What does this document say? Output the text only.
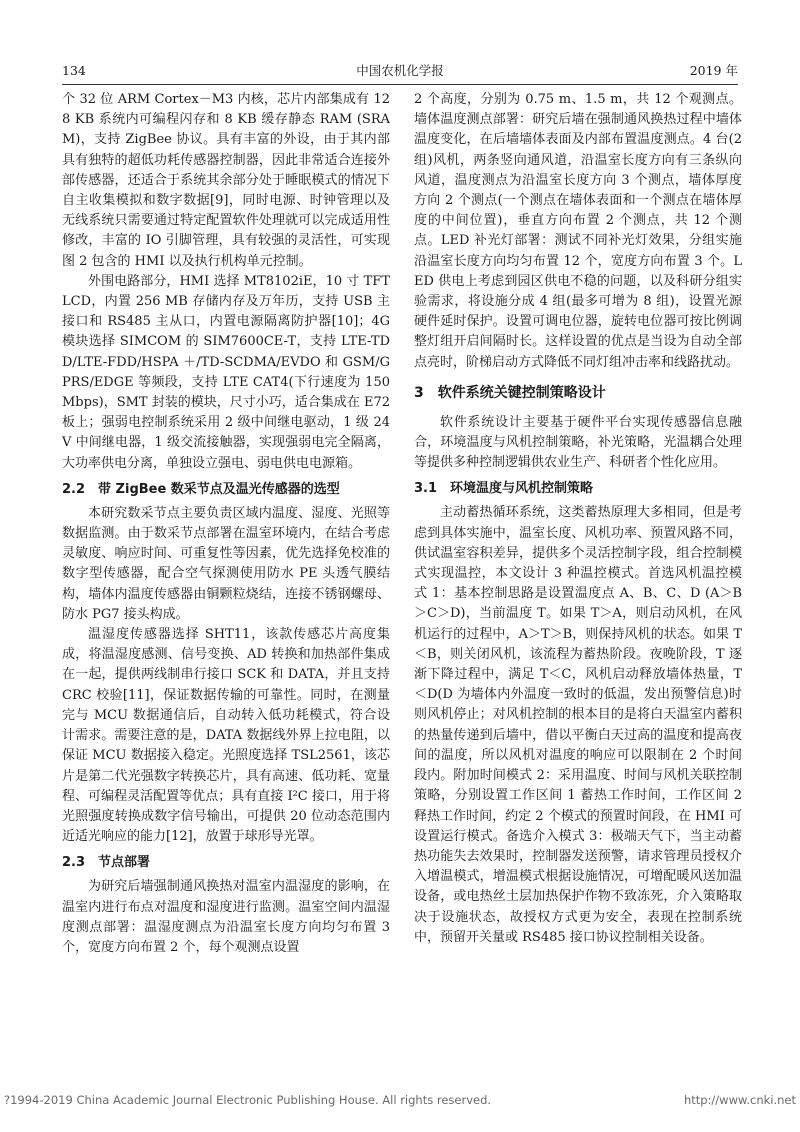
134	中国农机化学报	2019 年

个 32 位 ARM Cortex－M3 内核，芯片内部集成有 128 KB 系统内可编程闪存和 8 KB 缓存静态 RAM (SRAM)，支持 ZigBee 协议。具有丰富的外设，由于其内部具有独特的超低功耗传感器控制器，因此非常适合连接外部传感器，还适合于系统其余部分处于睡眠模式的情况下自主收集模拟和数字数据[9]，同时电源、时钟管理以及无线系统只需要通过特定配置软件处理就可以完成适用性修改，丰富的 IO 引脚管理，具有较强的灵活性，可实现图 2 包含的 HMI 以及执行机构单元控制。

外围电路部分，HMI 选择 MT8102iE，10 寸 TFT LCD，内置 256 MB 存储内存及万年历，支持 USB 主接口和 RS485 主从口，内置电源隔离防护器[10]；4G 模块选择 SIMCOM 的 SIM7600CE-T，支持 LTE-TDD/LTE-FDD/HSPA ＋/TD-SCDMA/EVDO 和 GSM/GPRS/EDGE 等频段，支持 LTE CAT4(下行速度为 150 Mbps)，SMT 封装的模块，尺寸小巧，适合集成在 E72 板上；强弱电控制系统采用 2 级中间继电驱动，1 级 24 V 中间继电器，1 级交流接触器，实现强弱电完全隔离，大功率供电分离，单独设立强电、弱电供电电源箱。

2.2　带 ZigBee 数采节点及温光传感器的选型

本研究数采节点主要负责区域内温度、湿度、光照等数据监测。由于数采节点部署在温室环境内，在结合考虑灵敏度、响应时间、可重复性等因素，优先选择免校准的数字型传感器，配合空气探测使用防水 PE 头透气膜结构，墙体内温度传感器由铜颗粒烧结，连接不锈钢螺母、防水 PG7 接头构成。

温湿度传感器选择 SHT11，该款传感芯片高度集成，将温湿度感测、信号变换、AD 转换和加热部件集成在一起，提供两线制串行接口 SCK 和 DATA，并且支持 CRC 校验[11]，保证数据传输的可靠性。同时，在测量完与 MCU 数据通信后，自动转入低功耗模式，符合设计需求。需要注意的是，DATA 数据线外界上拉电阻，以保证 MCU 数据接入稳定。光照度选择 TSL2561，该芯片是第二代光强数字转换芯片，具有高速、低功耗、宽量程、可编程灵活配置等优点；具有直接 I²C 接口，用于将光照强度转换成数字信号输出，可提供 20 位动态范围内近适光响应的能力[12]，放置于球形导光罩。

2.3　节点部署

为研究后墙强制通风换热对温室内温湿度的影响，在温室内进行布点对温度和湿度进行监测。温室空间内温湿度测点部署：温湿度测点为沿温室长度方向均匀布置 3 个，宽度方向布置 2 个，每个观测点设置

2 个高度，分别为 0.75 m、1.5 m，共 12 个观测点。墙体温度测点部署：研究后墙在强制通风换热过程中墙体温度变化，在后墙墙体表面及内部布置温度测点。4 台(2 组)风机，两条竖向通风道，沿温室长度方向有三条纵向风道，温度测点为沿温室长度方向 3 个测点，墙体厚度方向 2 个测点(一个测点在墙体表面和一个测点在墙体厚度的中间位置)，垂直方向布置 2 个测点，共 12 个测点。LED 补光灯部署：测试不同补光灯效果，分组实施沿温室长度方向均匀布置 12 个，宽度方向布置 3 个。LED 供电上考虑到园区供电不稳的问题，以及科研分组实验需求，将设施分成 4 组(最多可增为 8 组)，设置光源硬件延时保护。设置可调电位器，旋转电位器可按比例调整灯组开启间隔时长。这样设置的优点是当设为自动全部点亮时，阶梯启动方式降低不同灯组冲击率和线路扰动。

3　软件系统关键控制策略设计

软件系统设计主要基于硬件平台实现传感器信息融合，环境温度与风机控制策略，补光策略，光温耦合处理等提供多种控制逻辑供农业生产、科研者个性化应用。

3.1　环境温度与风机控制策略

主动蓄热循环系统，这类蓄热原理大多相同，但是考虑到具体实施中，温室长度、风机功率、预置风路不同，供试温室容积差异，提供多个灵活控制字段，组合控制模式实现温控，本文设计 3 种温控模式。首选风机温控模式 1：基本控制思路是设置温度点 A、B、C、D (A＞B＞C＞D)，当前温度 T。如果 T＞A，则启动风机，在风机运行的过程中，A＞T＞B，则保持风机的状态。如果 T＜B，则关闭风机，该流程为蓄热阶段。夜晚阶段，T 逐渐下降过程中，满足 T＜C，风机启动释放墙体热量，T＜D(D 为墙体内外温度一致时的低温，发出预警信息)时则风机停止；对风机控制的根本目的是将白天温室内蓄积的热量传递到后墙中，借以平衡白天过高的温度和提高夜间的温度，所以风机对温度的响应可以限制在 2 个时间段内。附加时间模式 2：采用温度、时间与风机关联控制策略，分别设置工作区间 1 蓄热工作时间，工作区间 2 释热工作时间，约定 2 个模式的预置时间段，在 HMI 可设置运行模式。备选介入模式 3：极端天气下，当主动蓄热功能失去效果时，控制器发送预警，请求管理员授权介入增温模式，增温模式根据设施情况，可增配暖风送加温设备，或电热丝土层加热保护作物不致冻死，介入策略取决于设施状态，故授权方式更为安全，表现在控制系统中，预留开关量或 RS485 接口协议控制相关设备。

?1994-2019 China Academic Journal Electronic Publishing House. All rights reserved.	http://www.cnki.net
